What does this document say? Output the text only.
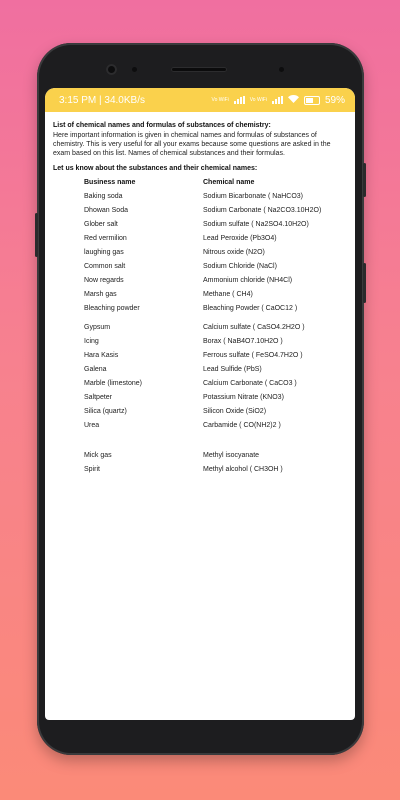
3:15 PM | 34.0KB/s	Vo WiFi	Vo WiFi	59%

List of chemical names and formulas of substances of chemistry:

Here important information is given in chemical names and formulas of substances of chemistry. This is very useful for all your exams because some questions are asked in the exam based on this list. Names of chemical substances and their formulas.

Let us know about the substances and their chemical names:

Business name	Chemical name
Baking soda	Sodium Bicarbonate ( NaHCO3)
Dhowan Soda	Sodium Carbonate ( Na2CO3.10H2O)
Glober salt	Sodium sulfate ( Na2SO4.10H2O)
Red vermilion	Lead Peroxide (Pb3O4)
laughing gas	Nitrous oxide (N2O)
Common salt	Sodium Chloride (NaCl)
Now regards	Ammonium chloride (NH4Cl)
Marsh gas	Methane ( CH4)
Bleaching powder	Bleaching Powder ( CaOC12 )
Gypsum	Calcium sulfate ( CaSO4.2H2O )
Icing	Borax ( NaB4O7.10H2O )
Hara Kasis	Ferrous sulfate ( FeSO4.7H2O )
Galena	Lead Sulfide (PbS)
Marble (limestone)	Calcium Carbonate ( CaCO3 )
Saltpeter	Potassium Nitrate (KNO3)
Silica (quartz)	Silicon Oxide (SiO2)
Urea	Carbamide ( CO(NH2)2 )
Mick gas	Methyl isocyanate
Spirit	Methyl alcohol ( CH3OH )
